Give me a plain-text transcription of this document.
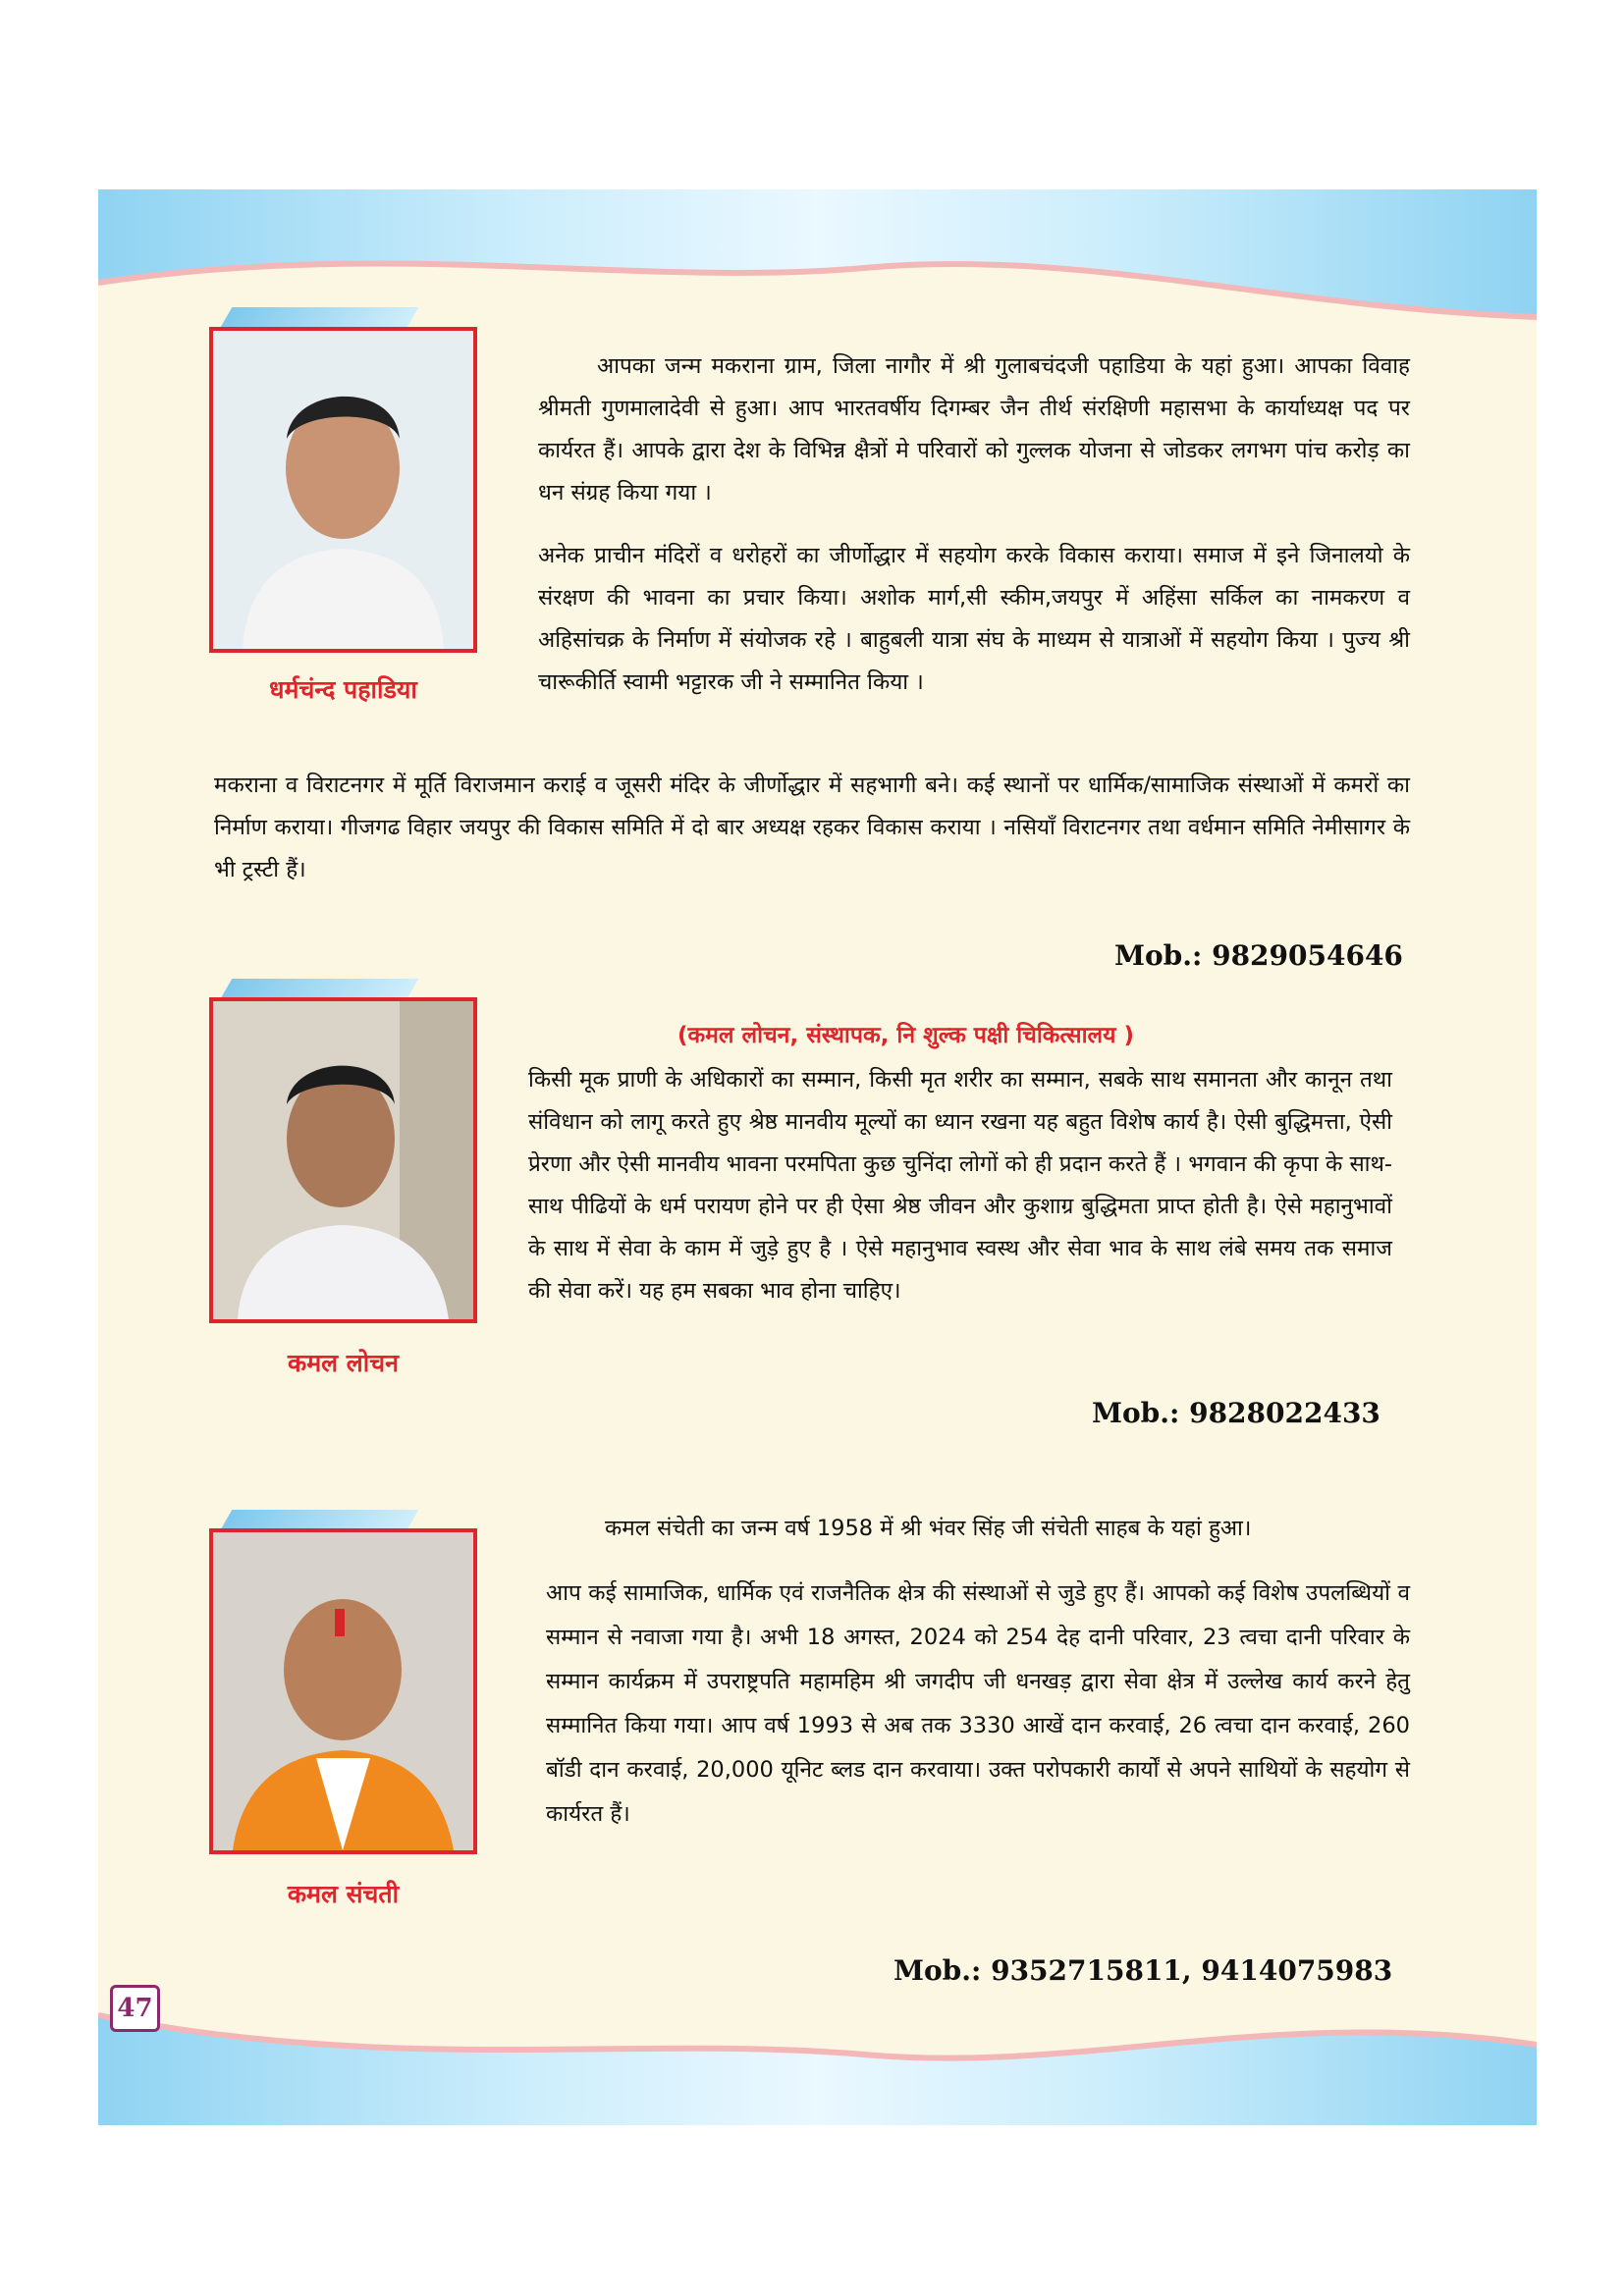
धर्मचंन्द पहाडिया

आपका जन्म मकराना ग्राम, जिला नागौर में श्री गुलाबचंदजी पहाडिया के यहां हुआ। आपका विवाह श्रीमती गुणमालादेवी से हुआ। आप भारतवर्षीय दिगम्बर जैन तीर्थ संरक्षिणी महासभा के कार्याध्यक्ष पद पर कार्यरत हैं। आपके द्वारा देश के विभिन्न क्षैत्रों मे परिवारों को गुल्लक योजना से जोडकर लगभग पांच करोड़ का धन संग्रह किया गया ।

अनेक प्राचीन मंदिरों व धरोहरों का जीर्णोद्धार में सहयोग करके विकास कराया। समाज में इने जिनालयो के संरक्षण की भावना का प्रचार किया। अशोक मार्ग,सी स्कीम,जयपुर में अहिंसा सर्किल का नामकरण व अहिसांचक्र के निर्माण में संयोजक रहे । बाहुबली यात्रा संघ के माध्यम से यात्राओं में सहयोग किया । पुज्य श्री चारूकीर्ति स्वामी भट्टारक जी ने सम्मानित किया ।

मकराना व विराटनगर में मूर्ति विराजमान कराई व जूसरी मंदिर के जीर्णोद्धार में सहभागी बने। कई स्थानों पर धार्मिक/सामाजिक संस्थाओं में कमरों का निर्माण कराया। गीजगढ विहार जयपुर की विकास समिति में दो बार अध्यक्ष रहकर विकास कराया । नसियाँ विराटनगर तथा वर्धमान समिति नेमीसागर के भी ट्रस्टी हैं।

Mob.: 9829054646
कमल लोचन
(कमल लोचन, संस्थापक, नि शुल्क पक्षी चिकित्सालय )

किसी मूक प्राणी के अधिकारों का सम्मान, किसी मृत शरीर का सम्मान, सबके साथ समानता और कानून तथा संविधान को लागू करते हुए श्रेष्ठ मानवीय मूल्यों का ध्यान रखना यह बहुत विशेष कार्य है। ऐसी बुद्धिमत्ता, ऐसी प्रेरणा और ऐसी मानवीय भावना परमपिता कुछ चुनिंदा लोगों को ही प्रदान करते हैं । भगवान की कृपा के साथ-साथ पीढियों के धर्म परायण होने पर ही ऐसा श्रेष्ठ जीवन और कुशाग्र बुद्धिमता प्राप्त होती है। ऐसे महानुभावों के साथ में सेवा के काम में जुड़े हुए है । ऐसे महानुभाव स्वस्थ और सेवा भाव के साथ लंबे समय तक समाज की सेवा करें। यह हम सबका भाव होना चाहिए।

Mob.: 9828022433
कमल संचती

कमल संचेती का जन्म वर्ष 1958 में श्री भंवर सिंह जी संचेती साहब के यहां हुआ।

आप कई सामाजिक, धार्मिक एवं राजनैतिक क्षेत्र की संस्थाओं से जुडे हुए हैं। आपको कई विशेष उपलब्धियों व सम्मान से नवाजा गया है। अभी 18 अगस्त, 2024 को 254 देह दानी परिवार, 23 त्वचा दानी परिवार के सम्मान कार्यक्रम में उपराष्ट्रपति महामहिम श्री जगदीप जी धनखड़ द्वारा सेवा क्षेत्र में उल्लेख कार्य करने हेतु सम्मानित किया गया। आप वर्ष 1993 से अब तक 3330 आखें दान करवाई, 26 त्वचा दान करवाई, 260 बॉडी दान करवाई, 20,000 यूनिट ब्लड दान करवाया। उक्त परोपकारी कार्यों से अपने साथियों के सहयोग से कार्यरत हैं।

Mob.: 9352715811, 9414075983
47
